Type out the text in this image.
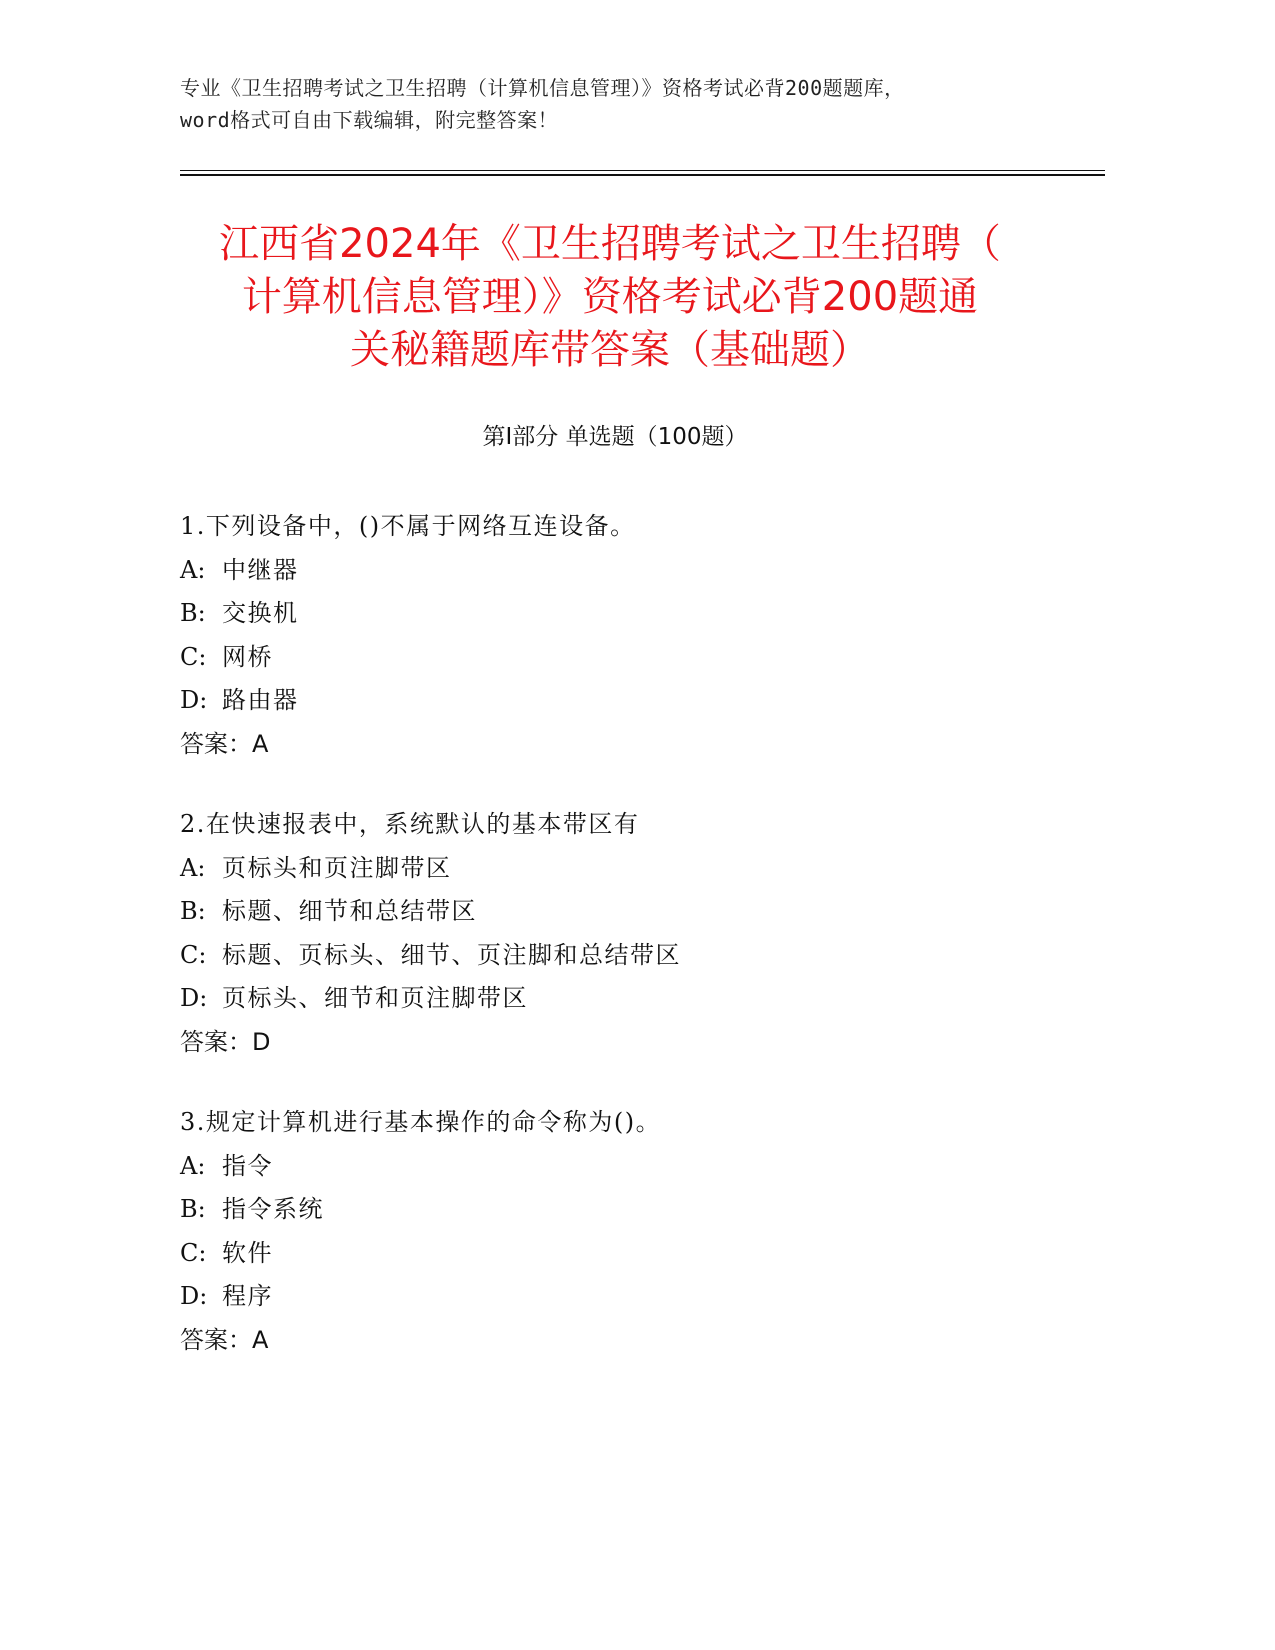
专业《卫生招聘考试之卫生招聘（计算机信息管理）》资格考试必背200题题库，
word格式可自由下载编辑，附完整答案！
江西省2024年《卫生招聘考试之卫生招聘（
计算机信息管理）》资格考试必背200题通
关秘籍题库带答案（基础题）
第Ⅰ部分 单选题（100题）
1.下列设备中，()不属于网络互连设备。
A: 中继器
B: 交换机
C: 网桥
D: 路由器
答案：A
2.在快速报表中，系统默认的基本带区有
A: 页标头和页注脚带区
B: 标题、细节和总结带区
C: 标题、页标头、细节、页注脚和总结带区
D: 页标头、细节和页注脚带区
答案：D
3.规定计算机进行基本操作的命令称为()。
A: 指令
B: 指令系统
C: 软件
D: 程序
答案：A
